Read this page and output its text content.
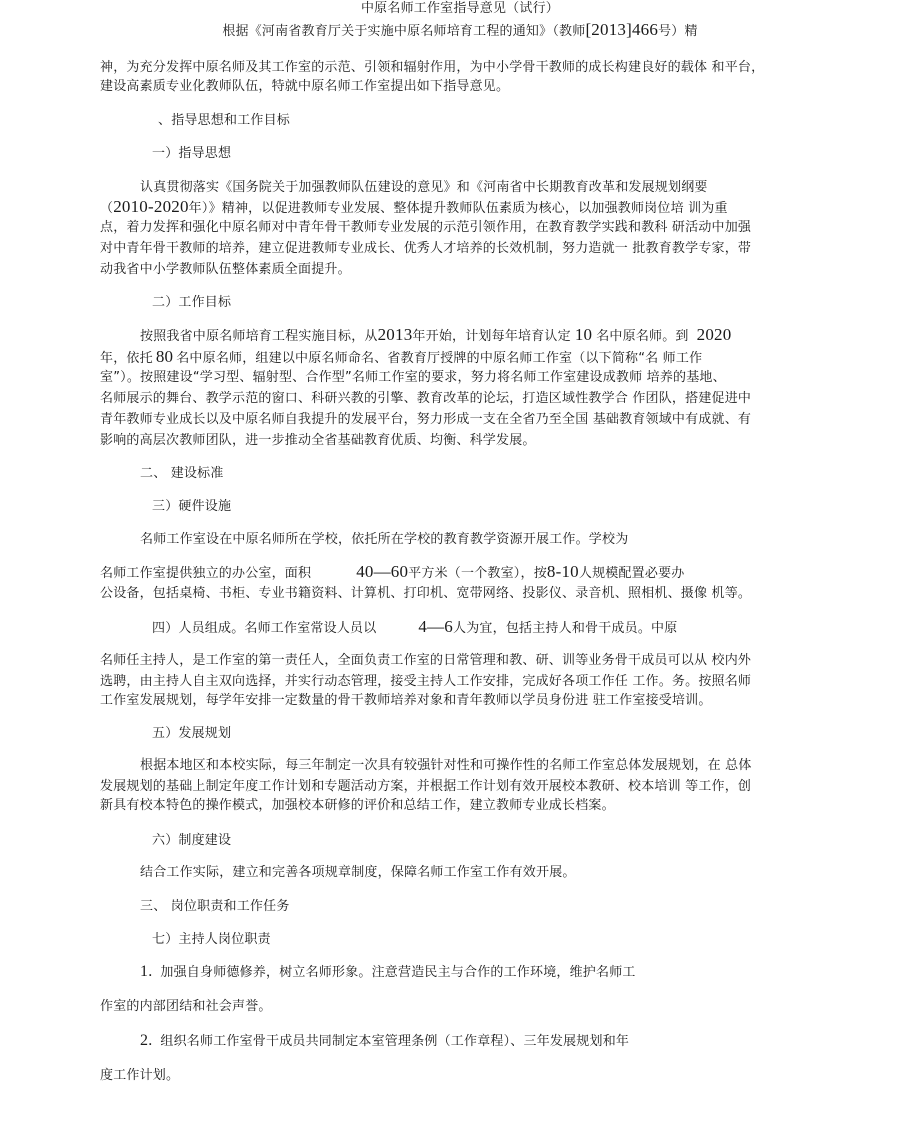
中原名师工作室指导意见（试行）
根据《河南省教育厅关于实施中原名师培育工程的通知》（教师[2013]466号）精
神，为充分发挥中原名师及其工作室的示范、引领和辐射作用，为中小学骨干教师的成长构建良好的载体 和平台，
建设高素质专业化教师队伍，特就中原名师工作室提出如下指导意见。
、指导思想和工作目标
一）指导思想
认真贯彻落实《国务院关于加强教师队伍建设的意见》和《河南省中长期教育改革和发展规划纲要
（2010-2020年）》精神，以促进教师专业发展、整体提升教师队伍素质为核心，以加强教师岗位培 训为重
点，着力发挥和强化中原名师对中青年骨干教师专业发展的示范引领作用，在教育教学实践和教科 研活动中加强
对中青年骨干教师的培养，建立促进教师专业成长、优秀人才培养的长效机制，努力造就一 批教育教学专家，带
动我省中小学教师队伍整体素质全面提升。
二）工作目标
按照我省中原名师培育工程实施目标，从2013年开始，计划每年培育认定 10 名中原名师。到 2020
年，依托 80 名中原名师，组建以中原名师命名、省教育厅授牌的中原名师工作室（以下简称“名 师工作
室”）。按照建设“学习型、辐射型、合作型”名师工作室的要求，努力将名师工作室建设成教师 培养的基地、
名师展示的舞台、教学示范的窗口、科研兴教的引擎、教育改革的论坛，打造区域性教学合 作团队，搭建促进中
青年教师专业成长以及中原名师自我提升的发展平台，努力形成一支在全省乃至全国 基础教育领域中有成就、有
影响的高层次教师团队，进一步推动全省基础教育优质、均衡、科学发展。
二、 建设标准
三）硬件设施
名师工作室设在中原名师所在学校，依托所在学校的教育教学资源开展工作。学校为
名师工作室提供独立的办公室，面积	40—60平方米（一个教室），按8-10人规模配置必要办
公设备，包括桌椅、书柜、专业书籍资料、计算机、打印机、宽带网络、投影仪、录音机、照相机、摄像 机等。
四）人员组成。名师工作室常设人员以 4—6人为宜，包括主持人和骨干成员。中原
名师任主持人，是工作室的第一责任人，全面负责工作室的日常管理和教、研、训等业务骨干成员可以从 校内外
选聘，由主持人自主双向选择，并实行动态管理，接受主持人工作安排，完成好各项工作任 工作。务。按照名师
工作室发展规划，每学年安排一定数量的骨干教师培养对象和青年教师以学员身份进 驻工作室接受培训。
五）发展规划
根据本地区和本校实际，每三年制定一次具有较强针对性和可操作性的名师工作室总体发展规划，在 总体
发展规划的基础上制定年度工作计划和专题活动方案，并根据工作计划有效开展校本教研、校本培训 等工作，创
新具有校本特色的操作模式，加强校本研修的评价和总结工作，建立教师专业成长档案。
六）制度建设
结合工作实际，建立和完善各项规章制度，保障名师工作室工作有效开展。
三、 岗位职责和工作任务
七）主持人岗位职责
1. 加强自身师德修养，树立名师形象。注意营造民主与合作的工作环境，维护名师工
作室的内部团结和社会声誉。
2. 组织名师工作室骨干成员共同制定本室管理条例（工作章程）、三年发展规划和年
度工作计划。
